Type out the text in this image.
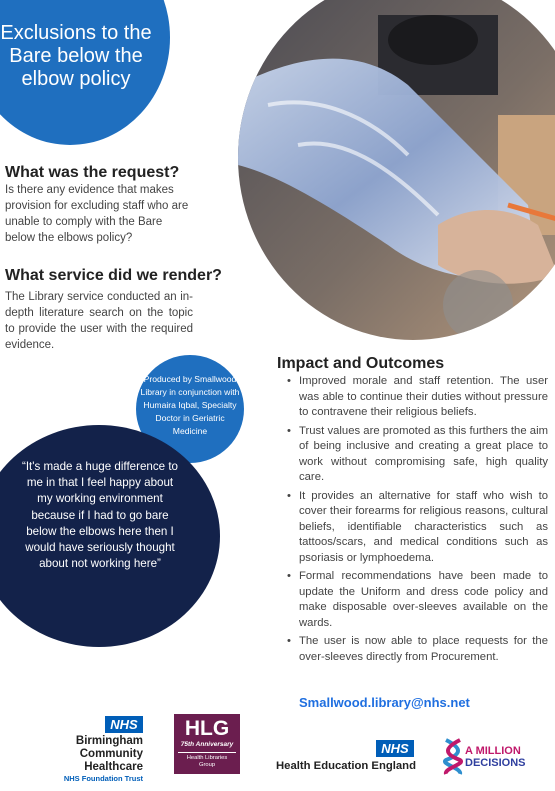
Exclusions to the Bare below the elbow policy
What was the request?
Is there any evidence that makes provision for excluding staff who are unable to comply with the Bare below the elbows policy?
What service did we render?
The Library service conducted an in-depth literature search on the topic to provide the user with the required evidence.
Produced by Smallwood Library in conjunction with Humaira Iqbal, Specialty Doctor in Geriatric Medicine
“It's made a huge difference to me in that I feel happy about my working environment because if I had to go bare below the elbows here then I would have seriously thought about not working here”
Impact and Outcomes
• Improved morale and staff retention. The user was able to continue their duties without pressure to contravene their religious beliefs.
• Trust values are promoted as this furthers the aim of being inclusive and creating a great place to work without compromising safe, high quality care.
• It provides an alternative for staff who wish to cover their forearms for religious reasons, cultural beliefs, identifiable characteristics such as tattoos/scars, and medical conditions such as psoriasis or lymphoedema.
• Formal recommendations have been made to update the Uniform and dress code policy and make disposable over-sleeves available on the wards.
• The user is now able to place requests for the over-sleeves directly from Procurement.
Smallwood.library@nhs.net
NHS
Birmingham
Community Healthcare
NHS Foundation Trust
HLG
75th Anniversary
Health Libraries
Group
NHS
Health Education England
A MILLION
DECISIONS
